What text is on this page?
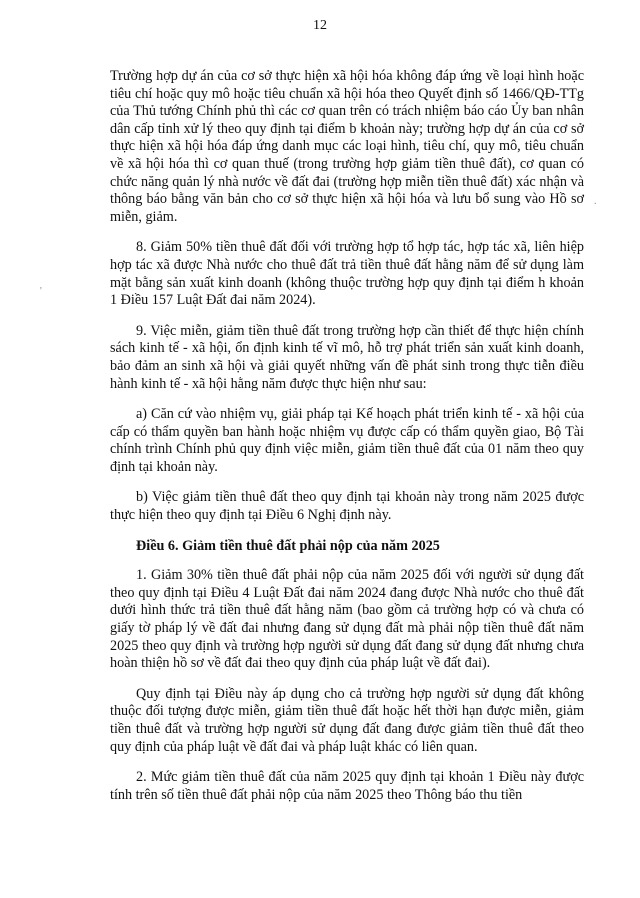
12
'
.

Trường hợp dự án của cơ sở thực hiện xã hội hóa không đáp ứng về loại hình hoặc tiêu chí hoặc quy mô hoặc tiêu chuẩn xã hội hóa theo Quyết định số 1466/QĐ-TTg của Thủ tướng Chính phủ thì các cơ quan trên có trách nhiệm báo cáo Ủy ban nhân dân cấp tỉnh xử lý theo quy định tại điểm b khoản này; trường hợp dự án của cơ sở thực hiện xã hội hóa đáp ứng danh mục các loại hình, tiêu chí, quy mô, tiêu chuẩn về xã hội hóa thì cơ quan thuế (trong trường hợp giảm tiền thuê đất), cơ quan có chức năng quản lý nhà nước về đất đai (trường hợp miễn tiền thuê đất) xác nhận và thông báo bằng văn bản cho cơ sở thực hiện xã hội hóa và lưu bổ sung vào Hồ sơ miễn, giảm.

8. Giảm 50% tiền thuê đất đối với trường hợp tổ hợp tác, hợp tác xã, liên hiệp hợp tác xã được Nhà nước cho thuê đất trả tiền thuê đất hằng năm để sử dụng làm mặt bằng sản xuất kinh doanh (không thuộc trường hợp quy định tại điểm h khoản 1 Điều 157 Luật Đất đai năm 2024).

9. Việc miễn, giảm tiền thuê đất trong trường hợp cần thiết để thực hiện chính sách kinh tế - xã hội, ổn định kinh tế vĩ mô, hỗ trợ phát triển sản xuất kinh doanh, bảo đảm an sinh xã hội và giải quyết những vấn đề phát sinh trong thực tiễn điều hành kinh tế - xã hội hằng năm được thực hiện như sau:

a) Căn cứ vào nhiệm vụ, giải pháp tại Kế hoạch phát triển kinh tế - xã hội của cấp có thẩm quyền ban hành hoặc nhiệm vụ được cấp có thẩm quyền giao, Bộ Tài chính trình Chính phủ quy định việc miễn, giảm tiền thuê đất của 01 năm theo quy định tại khoản này.

b) Việc giảm tiền thuê đất theo quy định tại khoản này trong năm 2025 được thực hiện theo quy định tại Điều 6 Nghị định này.

Điều 6. Giảm tiền thuê đất phải nộp của năm 2025

1. Giảm 30% tiền thuê đất phải nộp của năm 2025 đối với người sử dụng đất theo quy định tại Điều 4 Luật Đất đai năm 2024 đang được Nhà nước cho thuê đất dưới hình thức trả tiền thuê đất hằng năm (bao gồm cả trường hợp có và chưa có giấy tờ pháp lý về đất đai nhưng đang sử dụng đất mà phải nộp tiền thuê đất năm 2025 theo quy định và trường hợp người sử dụng đất đang sử dụng đất nhưng chưa hoàn thiện hồ sơ về đất đai theo quy định của pháp luật về đất đai).

Quy định tại Điều này áp dụng cho cả trường hợp người sử dụng đất không thuộc đối tượng được miễn, giảm tiền thuê đất hoặc hết thời hạn được miễn, giảm tiền thuê đất và trường hợp người sử dụng đất đang được giảm tiền thuê đất theo quy định của pháp luật về đất đai và pháp luật khác có liên quan.

2. Mức giảm tiền thuê đất của năm 2025 quy định tại khoản 1 Điều này được tính trên số tiền thuê đất phải nộp của năm 2025 theo Thông báo thu tiền
